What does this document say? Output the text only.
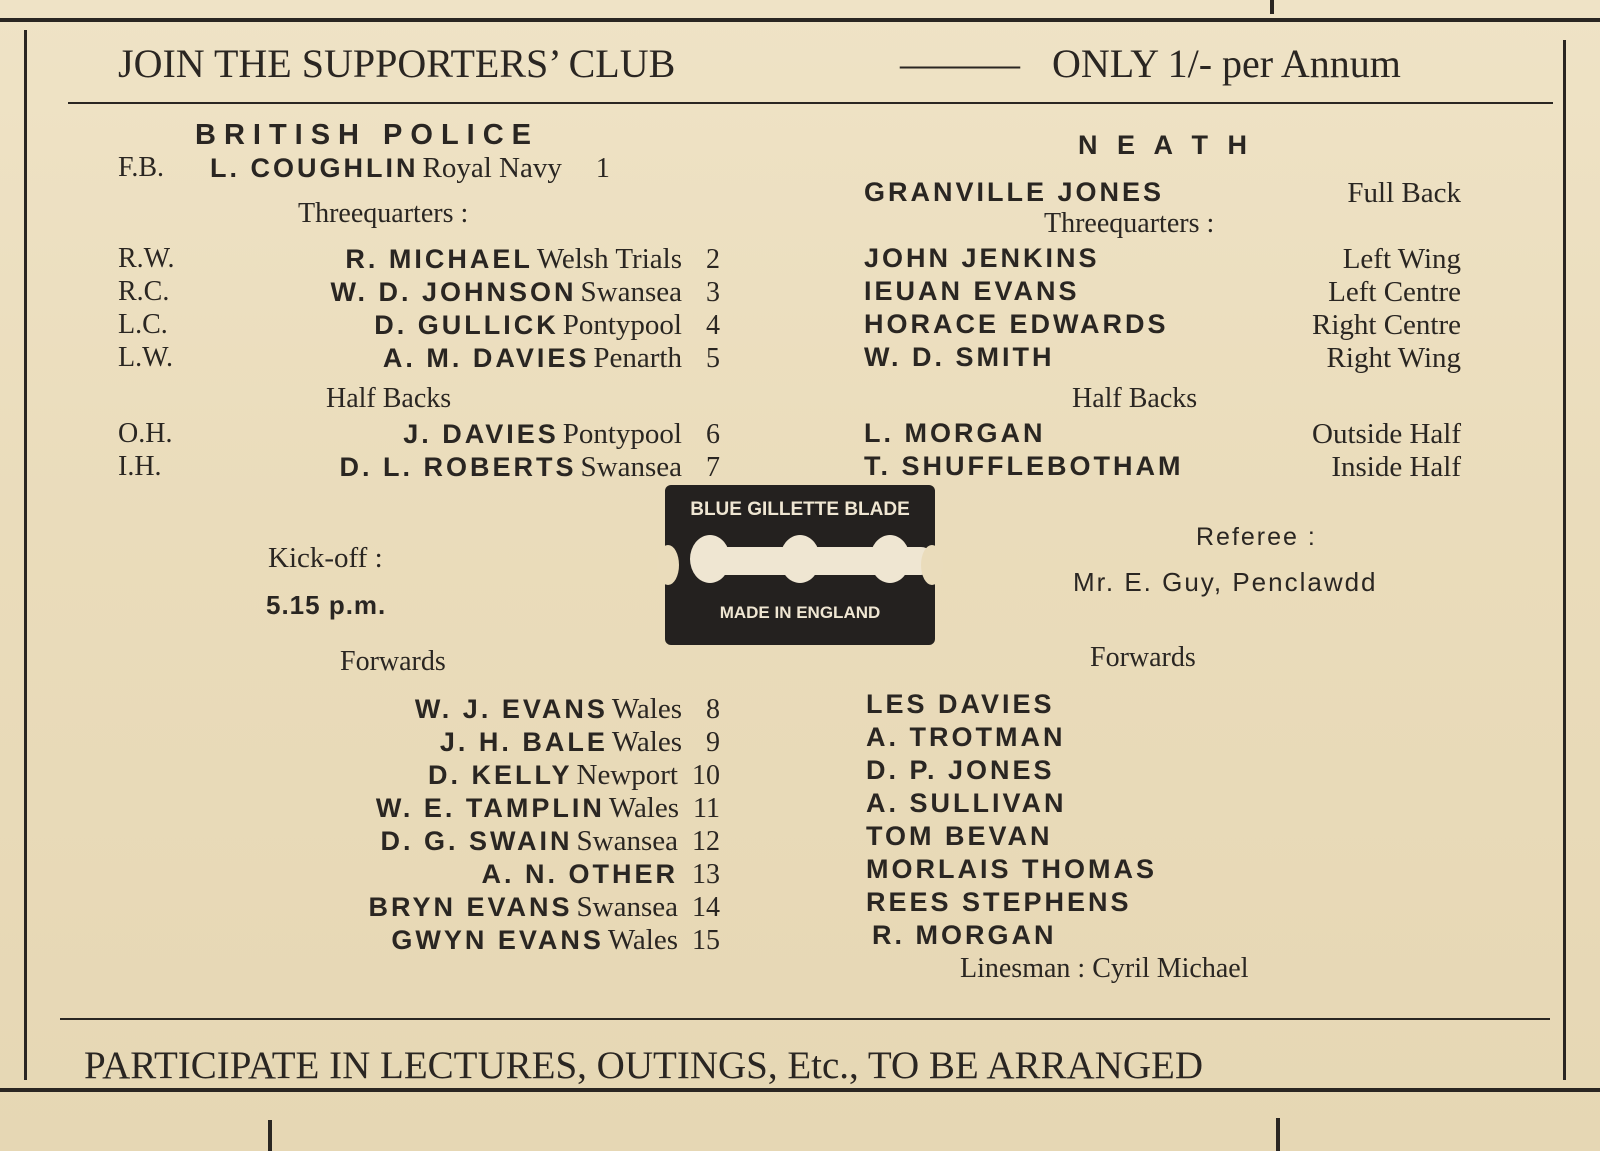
JOIN THE SUPPORTERS’ CLUB	——— ONLY 1/- per Annum
BRITISH POLICE
F.B. L. COUGHLIN Royal Navy 1
Threequarters :
R.W.	R. MICHAEL Welsh Trials 2
R.C.	W. D. JOHNSON Swansea 3
L.C.	D. GULLICK Pontypool 4
L.W.	A. M. DAVIES Penarth 5
Half Backs
O.H.	J. DAVIES Pontypool 6
I.H.	D. L. ROBERTS Swansea 7
Kick-off :
5.15 p.m.
Forwards
W. J. EVANS Wales 8
J. H. BALE Wales 9
D. KELLY Newport 10
W. E. TAMPLIN Wales 11
D. G. SWAIN Swansea 12
A. N. OTHER 13
BRYN EVANS Swansea 14
GWYN EVANS Wales 15
BLUE GILLETTE BLADE
MADE IN ENGLAND
N E A T H
GRANVILLE JONES	Full Back
Threequarters :
JOHN JENKINS	Left Wing
IEUAN EVANS	Left Centre
HORACE EDWARDS	Right Centre
W. D. SMITH	Right Wing
Half Backs
L. MORGAN	Outside Half
T. SHUFFLEBOTHAM	Inside Half
Referee :
Mr. E. Guy, Penclawdd
Forwards
LES DAVIES
A. TROTMAN
D. P. JONES
A. SULLIVAN
TOM BEVAN
MORLAIS THOMAS
REES STEPHENS
R. MORGAN
Linesman : Cyril Michael
PARTICIPATE IN LECTURES, OUTINGS, Etc., TO BE ARRANGED
